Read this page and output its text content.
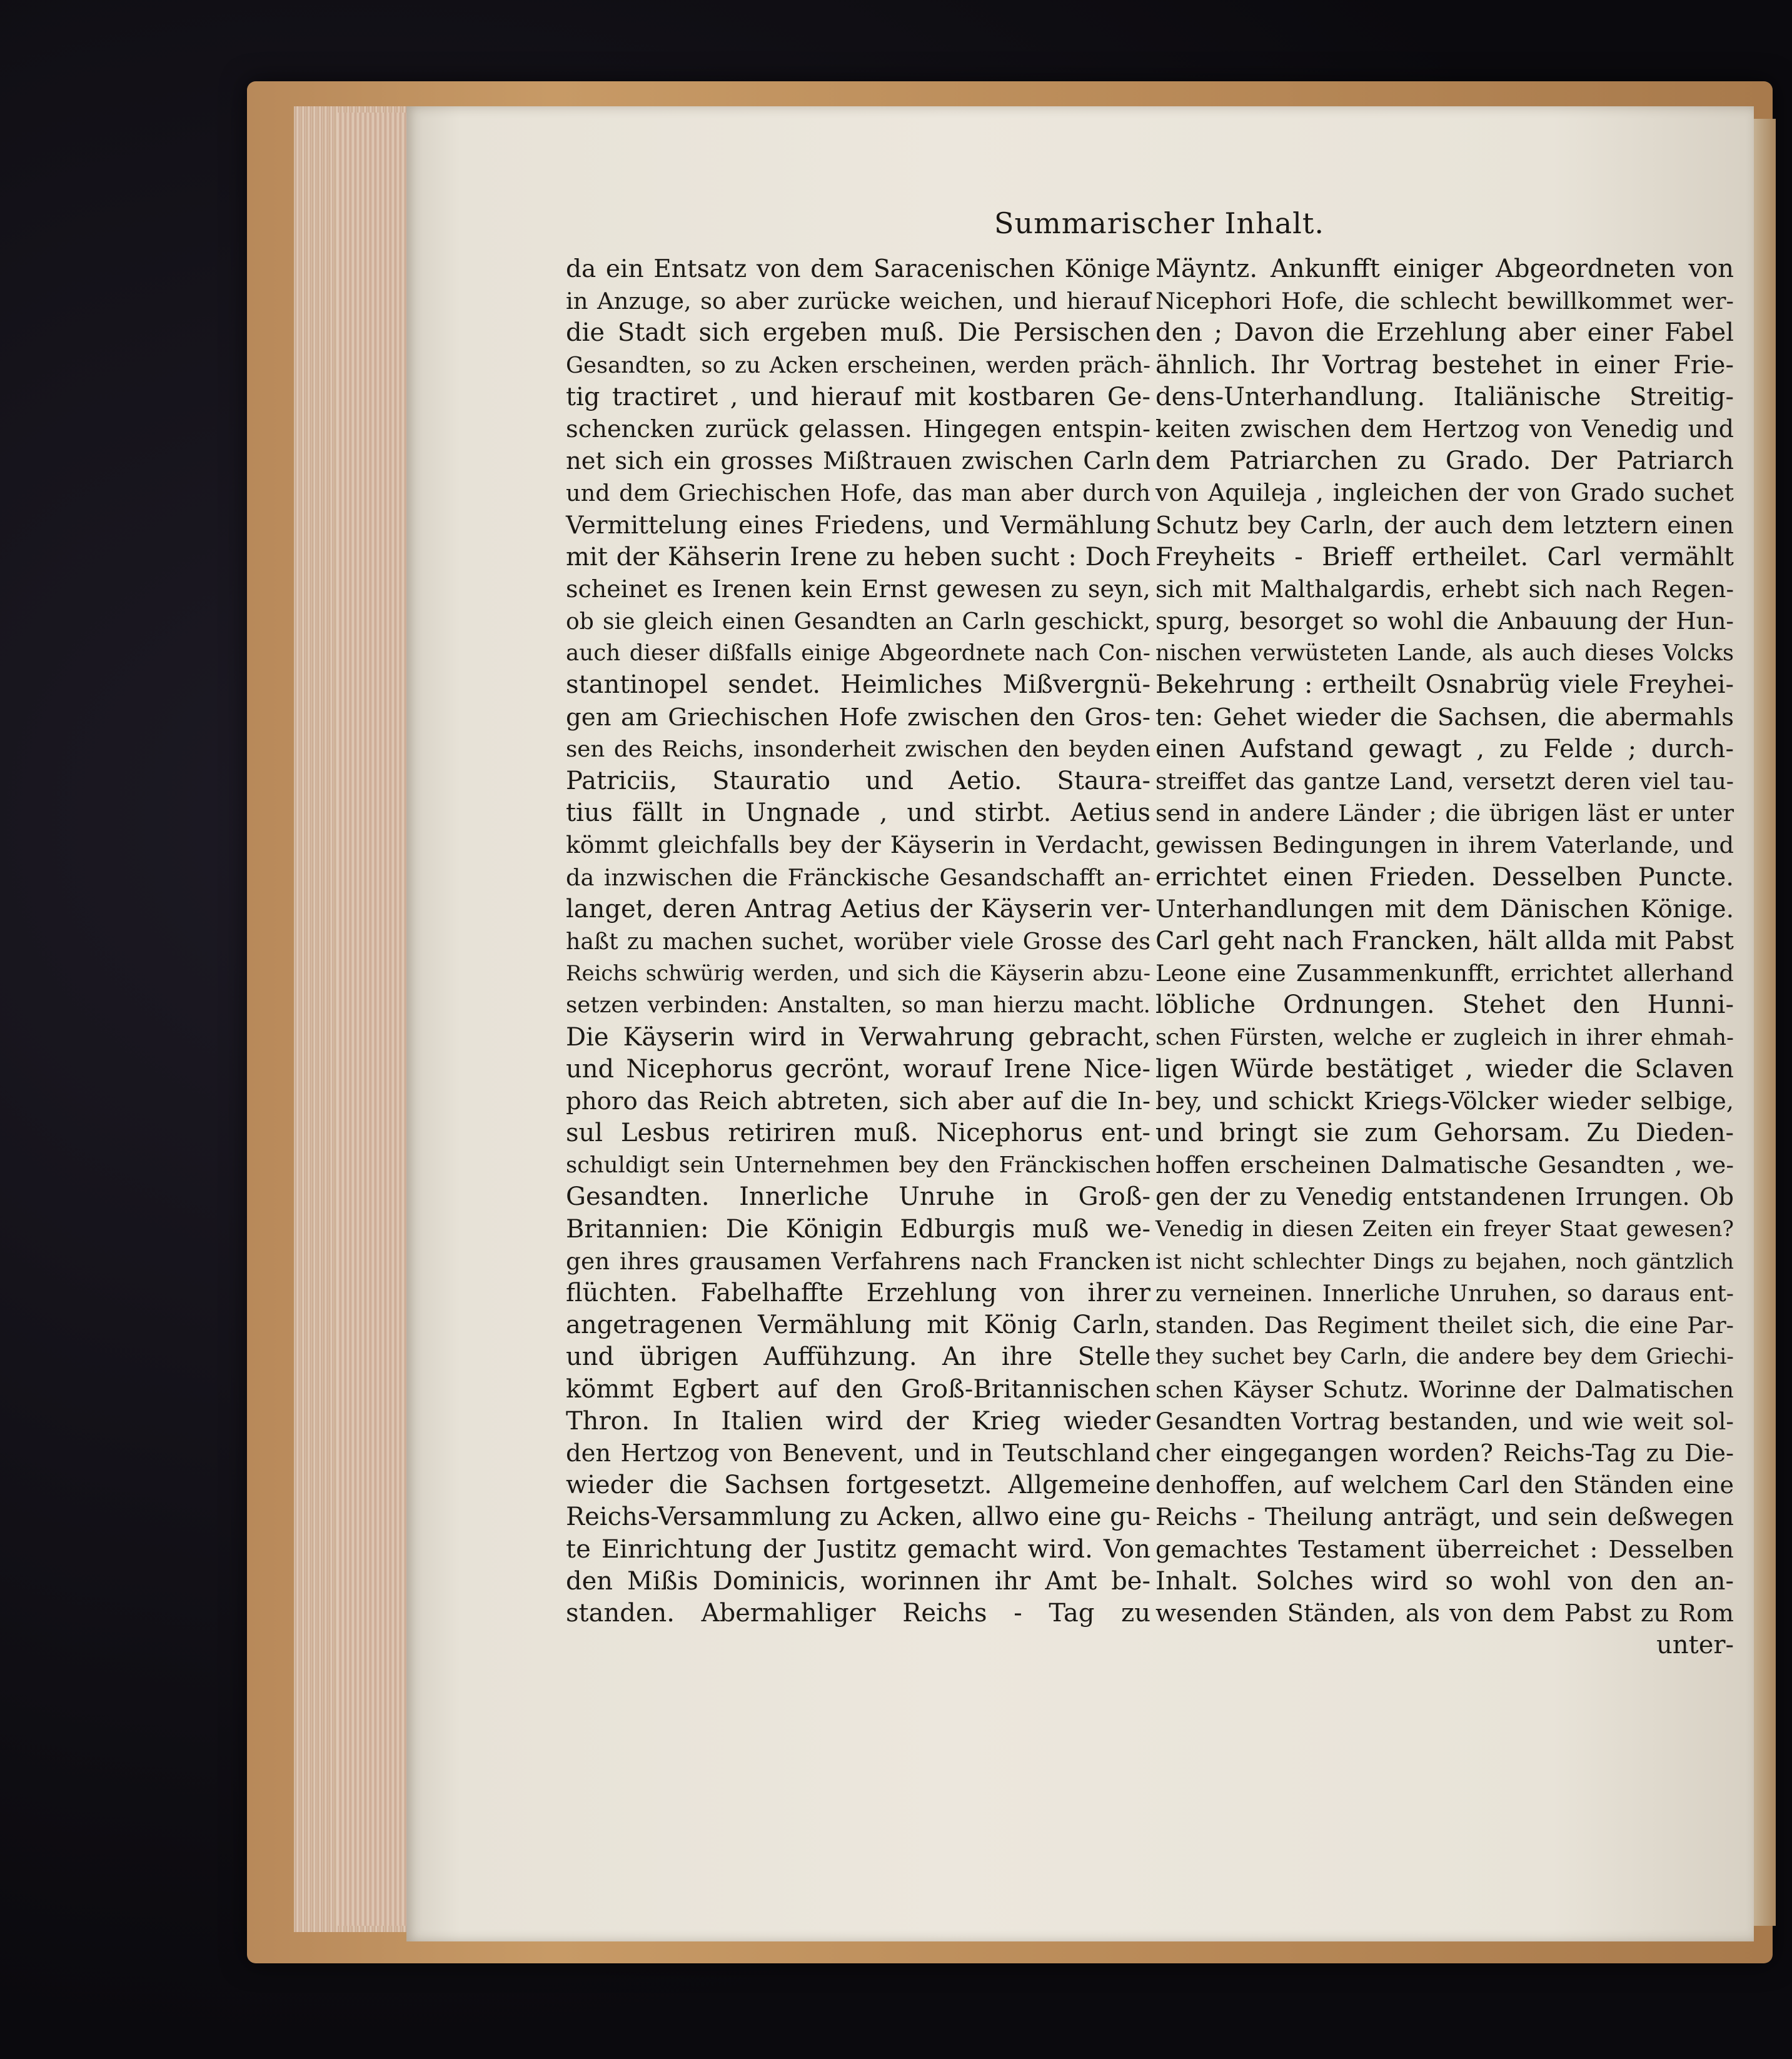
Summarischer Inhalt.
da ein Entsatz von dem Saracenischen Könige
in Anzuge, so aber zurücke weichen, und hierauf
die Stadt sich ergeben muß. Die Persischen
Gesandten, so zu Acken erscheinen, werden präch-
tig tractiret , und hierauf mit kostbaren Ge-
schencken zurück gelassen. Hingegen entspin-
net sich ein grosses Mißtrauen zwischen Carln
und dem Griechischen Hofe, das man aber durch
Vermittelung eines Friedens, und Vermählung
mit der Kähserin Irene zu heben sucht : Doch
scheinet es Irenen kein Ernst gewesen zu seyn,
ob sie gleich einen Gesandten an Carln geschickt,
auch dieser dißfalls einige Abgeordnete nach Con-
stantinopel sendet. Heimliches Mißvergnü-
gen am Griechischen Hofe zwischen den Gros-
sen des Reichs, insonderheit zwischen den beyden
Patriciis, Stauratio und Aetio. Staura-
tius fällt in Ungnade , und stirbt. Aetius
kömmt gleichfalls bey der Käyserin in Verdacht,
da inzwischen die Fränckische Gesandschafft an-
langet, deren Antrag Aetius der Käyserin ver-
haßt zu machen suchet, worüber viele Grosse des
Reichs schwürig werden, und sich die Käyserin abzu-
setzen verbinden: Anstalten, so man hierzu macht.
Die Käyserin wird in Verwahrung gebracht,
und Nicephorus gecrönt, worauf Irene Nice-
phoro das Reich abtreten, sich aber auf die In-
sul Lesbus retiriren muß. Nicephorus ent-
schuldigt sein Unternehmen bey den Fränckischen
Gesandten. Innerliche Unruhe in Groß-
Britannien: Die Königin Edburgis muß we-
gen ihres grausamen Verfahrens nach Francken
flüchten. Fabelhaffte Erzehlung von ihrer
angetragenen Vermählung mit König Carln,
und übrigen Auffühzung. An ihre Stelle
kömmt Egbert auf den Groß-Britannischen
Thron. In Italien wird der Krieg wieder
den Hertzog von Benevent, und in Teutschland
wieder die Sachsen fortgesetzt. Allgemeine
Reichs-Versammlung zu Acken, allwo eine gu-
te Einrichtung der Justitz gemacht wird. Von
den Mißis Dominicis, worinnen ihr Amt be-
standen. Abermahliger Reichs - Tag zu
Mäyntz. Ankunfft einiger Abgeordneten von
Nicephori Hofe, die schlecht bewillkommet wer-
den ; Davon die Erzehlung aber einer Fabel
ähnlich. Ihr Vortrag bestehet in einer Frie-
dens-Unterhandlung. Italiänische Streitig-
keiten zwischen dem Hertzog von Venedig und
dem Patriarchen zu Grado. Der Patriarch
von Aquileja , ingleichen der von Grado suchet
Schutz bey Carln, der auch dem letztern einen
Freyheits - Brieff ertheilet. Carl vermählt
sich mit Malthalgardis, erhebt sich nach Regen-
spurg, besorget so wohl die Anbauung der Hun-
nischen verwüsteten Lande, als auch dieses Volcks
Bekehrung : ertheilt Osnabrüg viele Freyhei-
ten: Gehet wieder die Sachsen, die abermahls
einen Aufstand gewagt , zu Felde ; durch-
streiffet das gantze Land, versetzt deren viel tau-
send in andere Länder ; die übrigen läst er unter
gewissen Bedingungen in ihrem Vaterlande, und
errichtet einen Frieden. Desselben Puncte.
Unterhandlungen mit dem Dänischen Könige.
Carl geht nach Francken, hält allda mit Pabst
Leone eine Zusammenkunfft, errichtet allerhand
löbliche Ordnungen. Stehet den Hunni-
schen Fürsten, welche er zugleich in ihrer ehmah-
ligen Würde bestätiget , wieder die Sclaven
bey, und schickt Kriegs-Völcker wieder selbige,
und bringt sie zum Gehorsam. Zu Dieden-
hoffen erscheinen Dalmatische Gesandten , we-
gen der zu Venedig entstandenen Irrungen. Ob
Venedig in diesen Zeiten ein freyer Staat gewesen?
ist nicht schlechter Dings zu bejahen, noch gäntzlich
zu verneinen. Innerliche Unruhen, so daraus ent-
standen. Das Regiment theilet sich, die eine Par-
they suchet bey Carln, die andere bey dem Griechi-
schen Käyser Schutz. Worinne der Dalmatischen
Gesandten Vortrag bestanden, und wie weit sol-
cher eingegangen worden? Reichs-Tag zu Die-
denhoffen, auf welchem Carl den Ständen eine
Reichs - Theilung anträgt, und sein deßwegen
gemachtes Testament überreichet : Desselben
Inhalt. Solches wird so wohl von den an-
wesenden Ständen, als von dem Pabst zu Rom
unter-
